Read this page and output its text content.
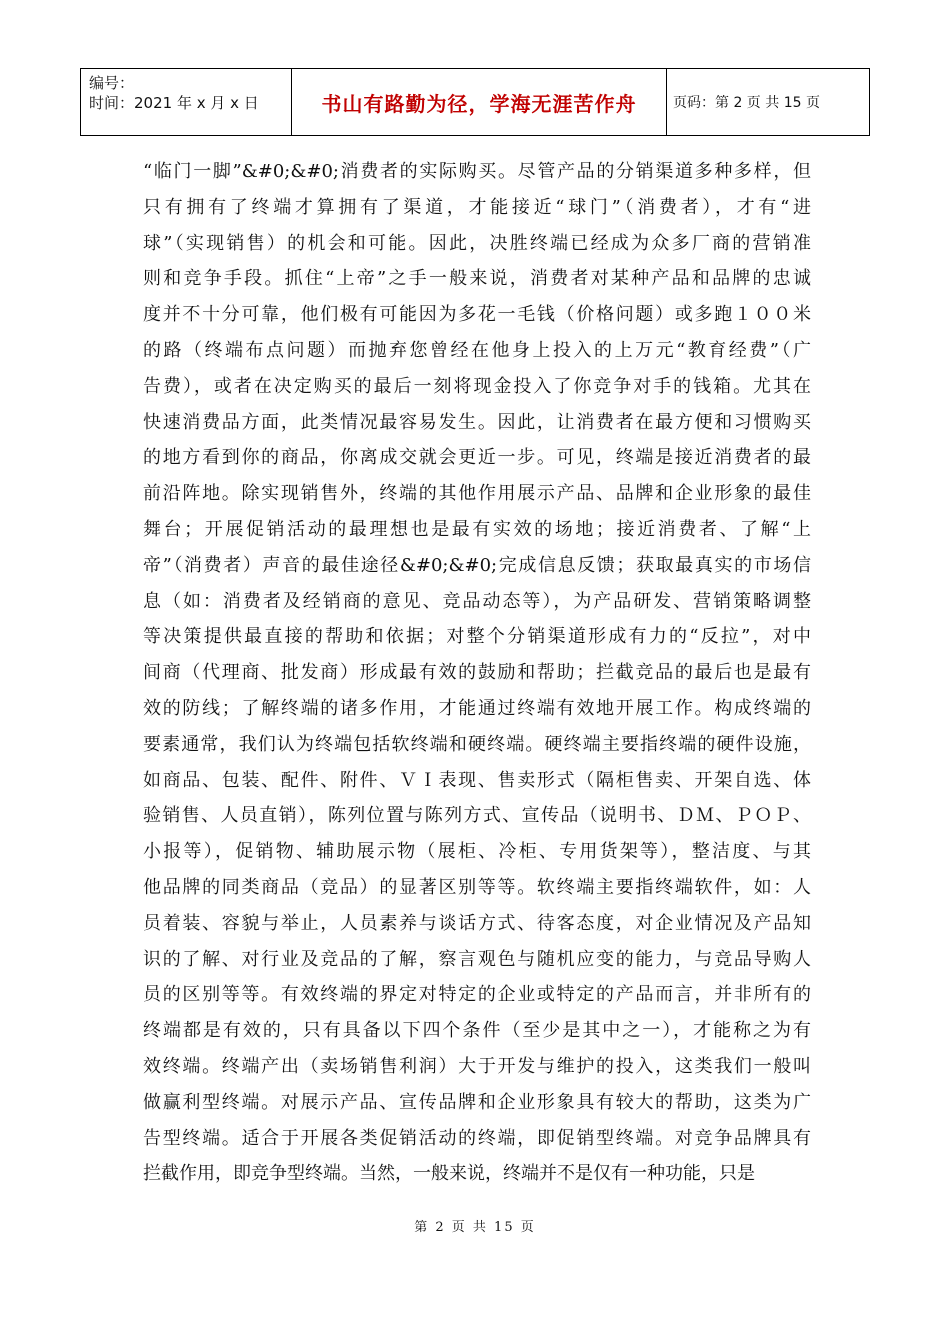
编号：
时间：2021 年 x 月 x 日	书山有路勤为径，学海无涯苦作舟	页码：第 2 页 共 15 页
“临门一脚”&#0;&#0;消费者的实际购买。尽管产品的分销渠道多种多样，但
只有拥有了终端才算拥有了渠道，才能接近“球门”（消费者），才有“进
球”（实现销售）的机会和可能。因此，决胜终端已经成为众多厂商的营销准
则和竞争手段。抓住“上帝”之手一般来说，消费者对某种产品和品牌的忠诚
度并不十分可靠，他们极有可能因为多花一毛钱（价格问题）或多跑１００米
的路（终端布点问题）而抛弃您曾经在他身上投入的上万元“教育经费”（广
告费），或者在决定购买的最后一刻将现金投入了你竞争对手的钱箱。尤其在
快速消费品方面，此类情况最容易发生。因此，让消费者在最方便和习惯购买
的地方看到你的商品，你离成交就会更近一步。可见，终端是接近消费者的最
前沿阵地。除实现销售外，终端的其他作用展示产品、品牌和企业形象的最佳
舞台；开展促销活动的最理想也是最有实效的场地；接近消费者、了解“上
帝”（消费者）声音的最佳途径&#0;&#0;完成信息反馈；获取最真实的市场信
息（如：消费者及经销商的意见、竞品动态等），为产品研发、营销策略调整
等决策提供最直接的帮助和依据；对整个分销渠道形成有力的“反拉”，对中
间商（代理商、批发商）形成最有效的鼓励和帮助；拦截竞品的最后也是最有
效的防线；了解终端的诸多作用，才能通过终端有效地开展工作。构成终端的
要素通常，我们认为终端包括软终端和硬终端。硬终端主要指终端的硬件设施，
如商品、包装、配件、附件、ＶＩ表现、售卖形式（隔柜售卖、开架自选、体
验销售、人员直销），陈列位置与陈列方式、宣传品（说明书、ＤＭ、ＰＯＰ、
小报等），促销物、辅助展示物（展柜、冷柜、专用货架等），整洁度、与其
他品牌的同类商品（竞品）的显著区别等等。软终端主要指终端软件，如：人
员着装、容貌与举止，人员素养与谈话方式、待客态度，对企业情况及产品知
识的了解、对行业及竞品的了解，察言观色与随机应变的能力，与竞品导购人
员的区别等等。有效终端的界定对特定的企业或特定的产品而言，并非所有的
终端都是有效的，只有具备以下四个条件（至少是其中之一），才能称之为有
效终端。终端产出（卖场销售利润）大于开发与维护的投入，这类我们一般叫
做赢利型终端。对展示产品、宣传品牌和企业形象具有较大的帮助，这类为广
告型终端。适合于开展各类促销活动的终端，即促销型终端。对竞争品牌具有
拦截作用，即竞争型终端。当然，一般来说，终端并不是仅有一种功能，只是
第 2 页 共 15 页
